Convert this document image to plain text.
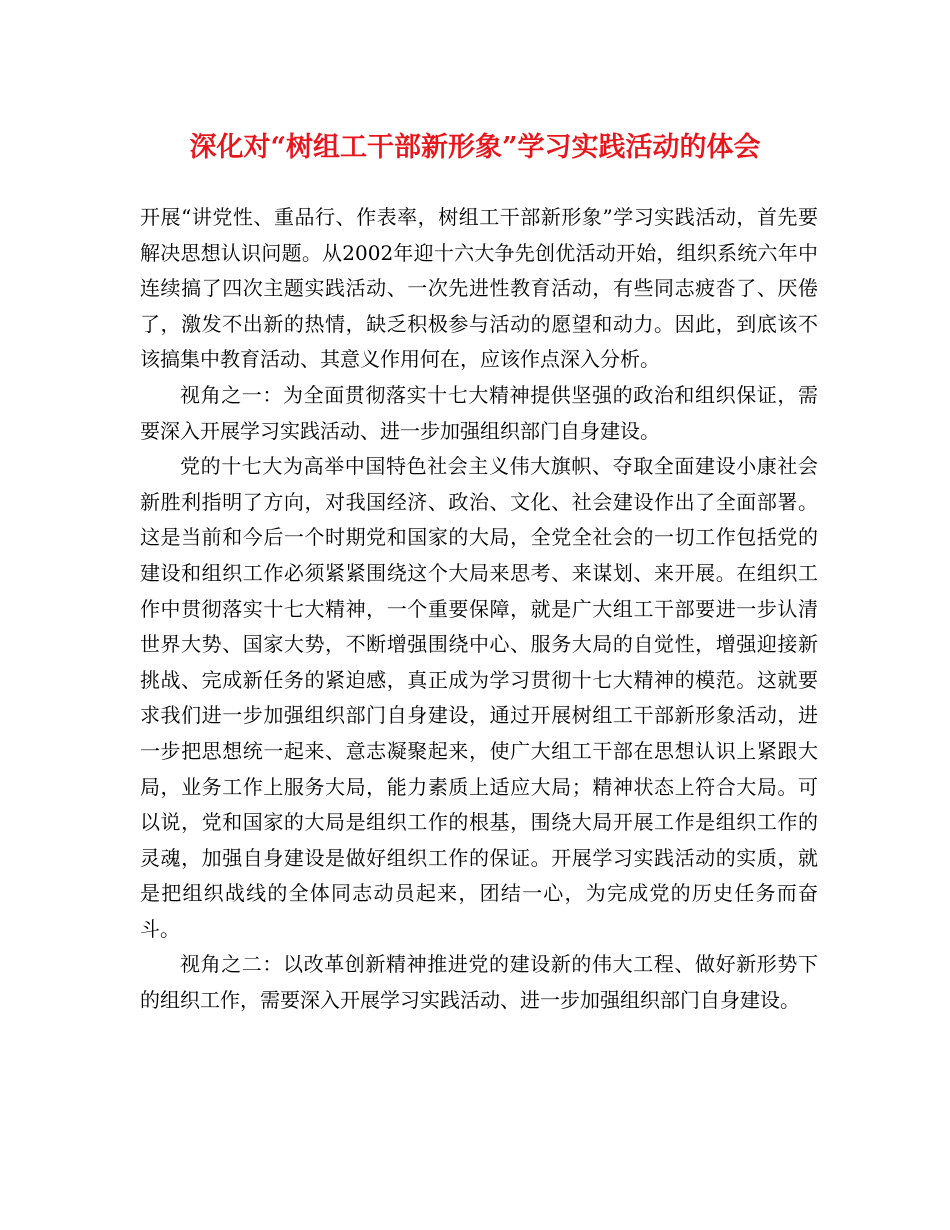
深化对“树组工干部新形象”学习实践活动的体会

开展“讲党性、重品行、作表率，树组工干部新形象”学习实践活动，首先要解决思想认识问题。从2002年迎十六大争先创优活动开始，组织系统六年中连续搞了四次主题实践活动、一次先进性教育活动，有些同志疲沓了、厌倦了，激发不出新的热情，缺乏积极参与活动的愿望和动力。因此，到底该不该搞集中教育活动、其意义作用何在，应该作点深入分析。

视角之一：为全面贯彻落实十七大精神提供坚强的政治和组织保证，需要深入开展学习实践活动、进一步加强组织部门自身建设。

党的十七大为高举中国特色社会主义伟大旗帜、夺取全面建设小康社会新胜利指明了方向，对我国经济、政治、文化、社会建设作出了全面部署。这是当前和今后一个时期党和国家的大局，全党全社会的一切工作包括党的建设和组织工作必须紧紧围绕这个大局来思考、来谋划、来开展。在组织工作中贯彻落实十七大精神，一个重要保障，就是广大组工干部要进一步认清世界大势、国家大势，不断增强围绕中心、服务大局的自觉性，增强迎接新挑战、完成新任务的紧迫感，真正成为学习贯彻十七大精神的模范。这就要求我们进一步加强组织部门自身建设，通过开展树组工干部新形象活动，进一步把思想统一起来、意志凝聚起来，使广大组工干部在思想认识上紧跟大局，业务工作上服务大局，能力素质上适应大局；精神状态上符合大局。可以说，党和国家的大局是组织工作的根基，围绕大局开展工作是组织工作的灵魂，加强自身建设是做好组织工作的保证。开展学习实践活动的实质，就是把组织战线的全体同志动员起来，团结一心，为完成党的历史任务而奋斗。

视角之二：以改革创新精神推进党的建设新的伟大工程、做好新形势下的组织工作，需要深入开展学习实践活动、进一步加强组织部门自身建设。
